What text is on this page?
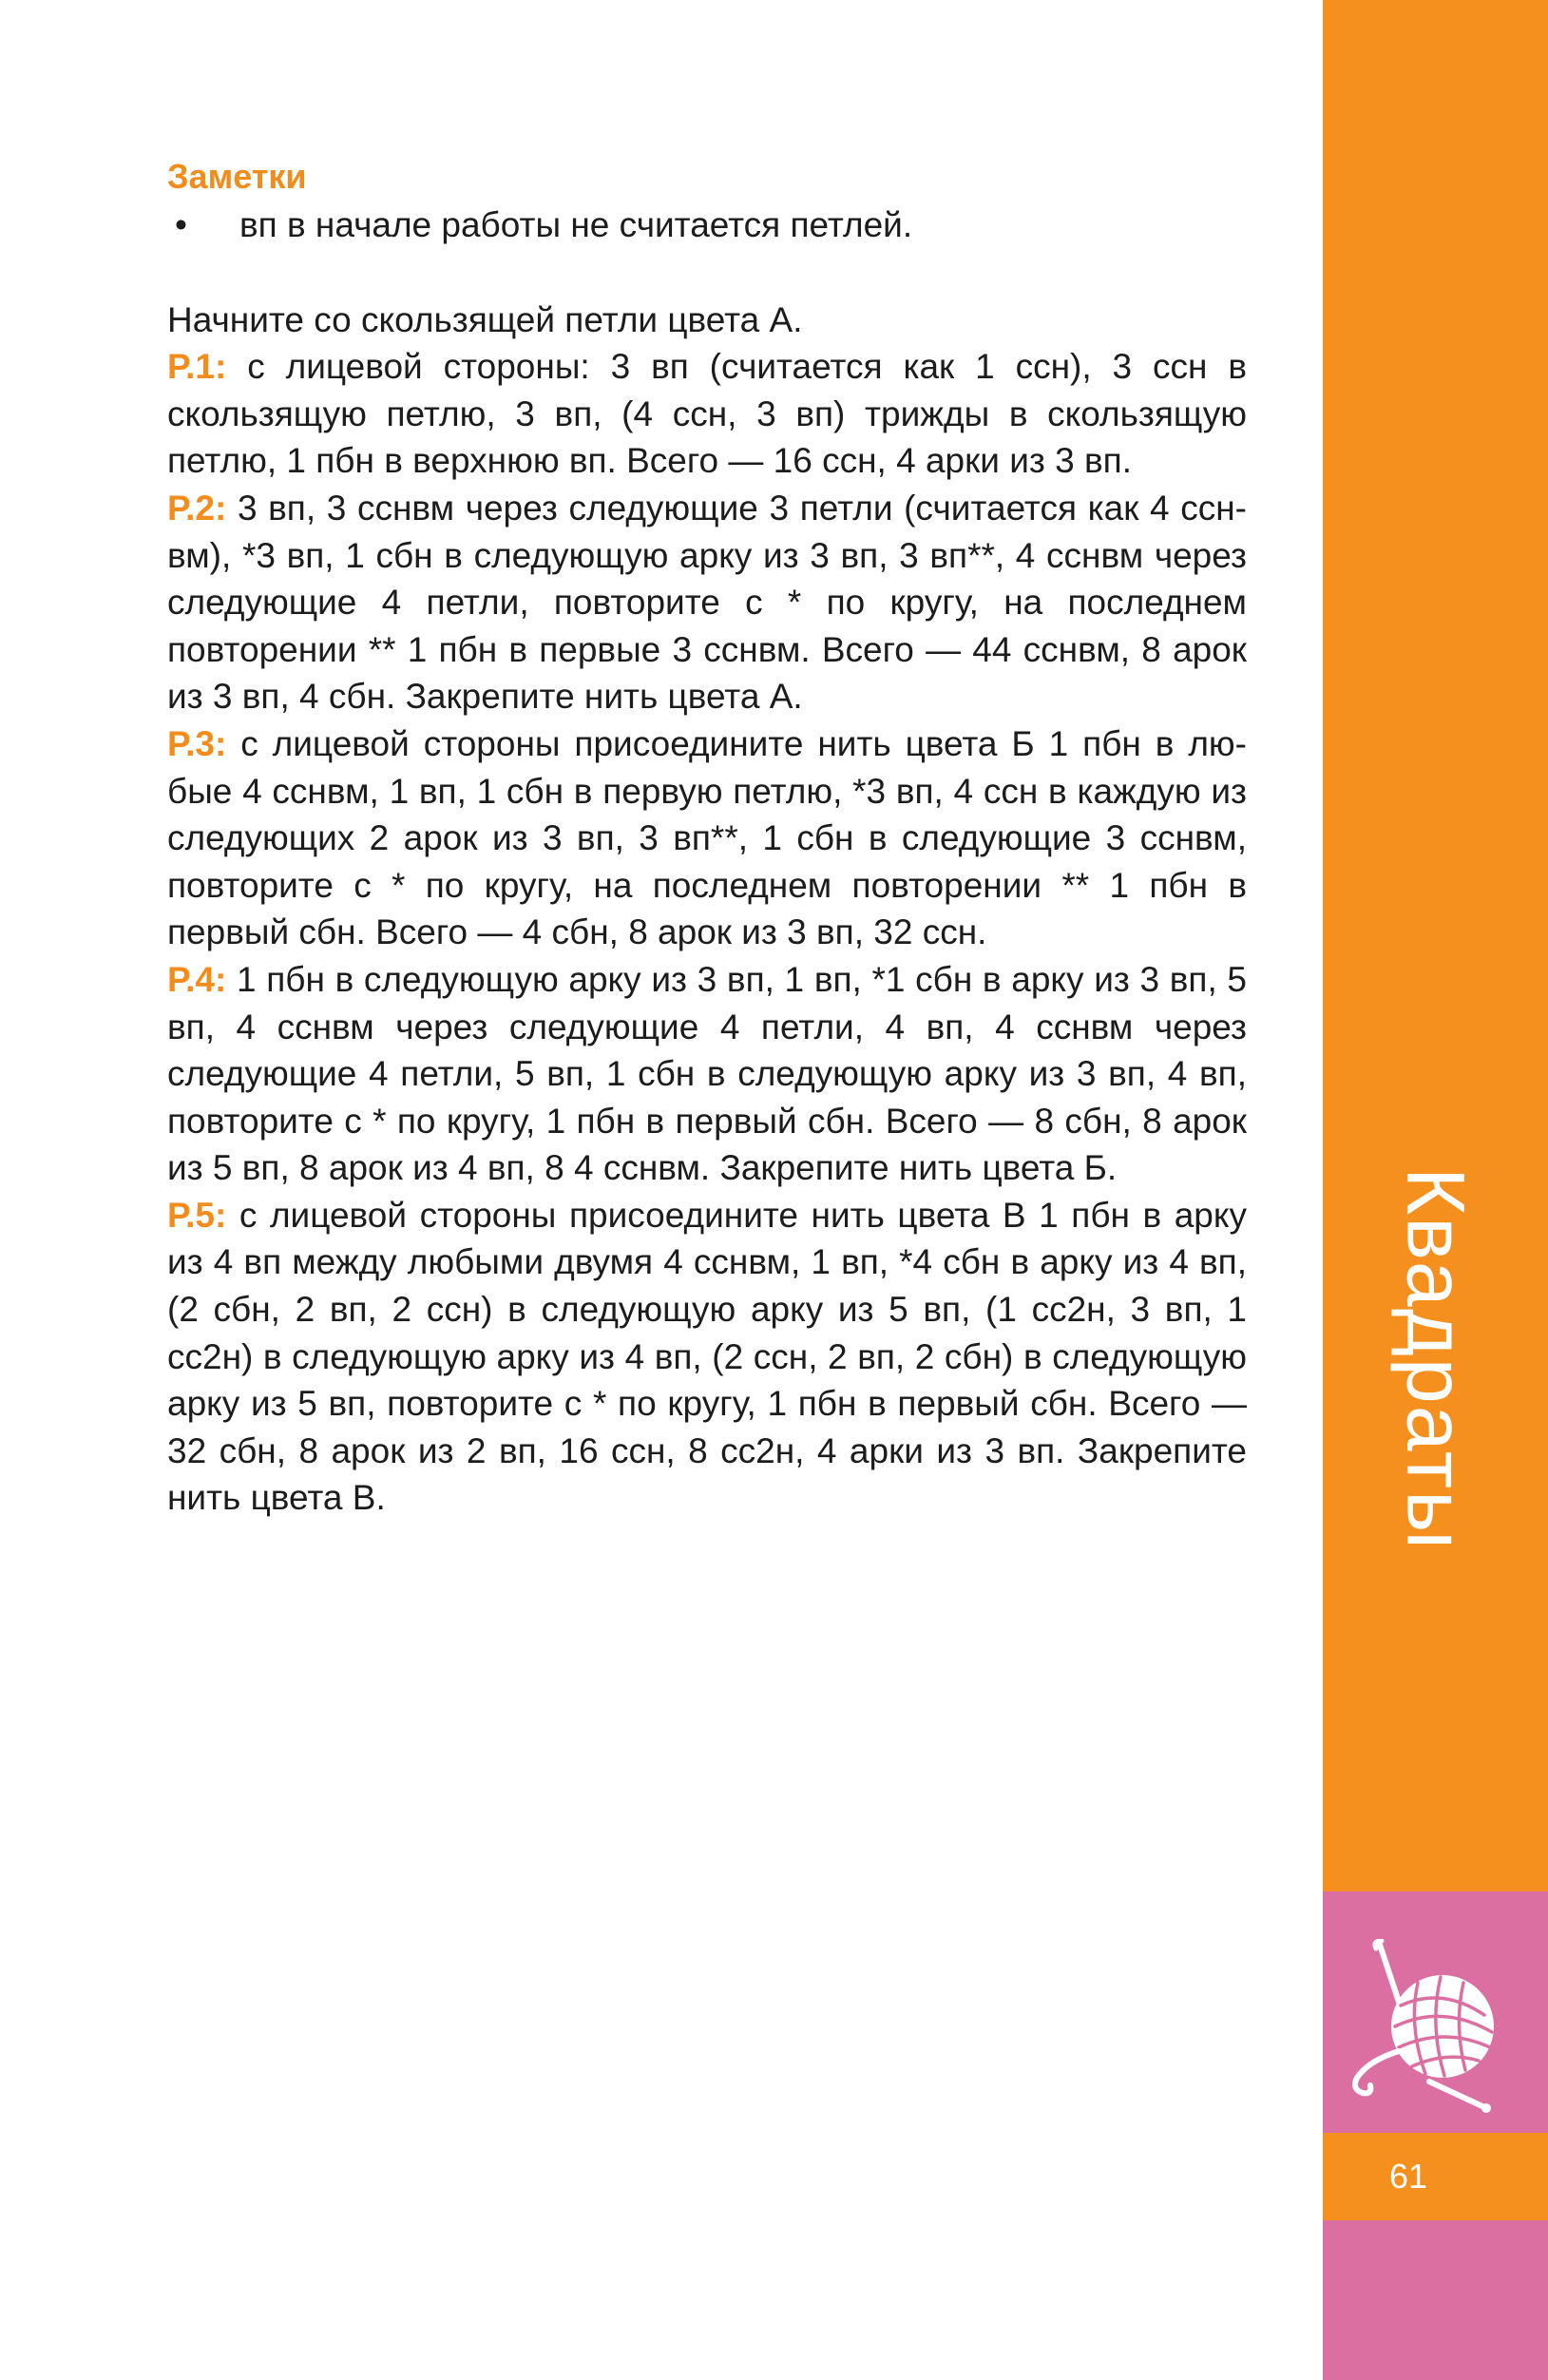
Заметки

•	вп в начале работы не считается петлей.

Начните со скользящей петли цвета А.

Р.1: с лицевой стороны: 3 вп (считается как 1 ссн), 3 ссн в скользящую петлю, 3 вп, (4 ссн, 3 вп) трижды в скользящую петлю, 1 пбн в верхнюю вп. Всего — 16 ссн, 4 арки из 3 вп.

Р.2: 3 вп, 3 сснвм через следующие 3 петли (считается как 4 сснвм), *3 вп, 1 сбн в следующую арку из 3 вп, 3 вп**, 4 сснвм через следующие 4 петли, повторите с * по кругу, на последнем повторении ** 1 пбн в первые 3 сснвм. Всего — 44 сснвм, 8 арок из 3 вп, 4 сбн. Закрепите нить цвета А.

Р.3: с лицевой стороны присоедините нить цвета Б 1 пбн в любые 4 сснвм, 1 вп, 1 сбн в первую петлю, *3 вп, 4 ссн в каждую из следующих 2 арок из 3 вп, 3 вп**, 1 сбн в следующие 3 сснвм, повторите с * по кругу, на последнем повторении ** 1 пбн в первый сбн. Всего — 4 сбн, 8 арок из 3 вп, 32 ссн.

Р.4: 1 пбн в следующую арку из 3 вп, 1 вп, *1 сбн в арку из 3 вп, 5 вп, 4 сснвм через следующие 4 петли, 4 вп, 4 сснвм через следующие 4 петли, 5 вп, 1 сбн в следующую арку из 3 вп, 4 вп, повторите с * по кругу, 1 пбн в первый сбн. Всего — 8 сбн, 8 арок из 5 вп, 8 арок из 4 вп, 8 4 сснвм. Закрепите нить цвета Б.

Р.5: с лицевой стороны присоедините нить цвета В 1 пбн в арку из 4 вп между любыми двумя 4 сснвм, 1 вп, *4 сбн в арку из 4 вп, (2 сбн, 2 вп, 2 ссн) в следующую арку из 5 вп, (1 сс2н, 3 вп, 1 сс2н) в следующую арку из 4 вп, (2 ссн, 2 вп, 2 сбн) в следующую арку из 5 вп, повторите с * по кругу, 1 пбн в первый сбн. Всего — 32 сбн, 8 арок из 2 вп, 16 ссн, 8 сс2н, 4 арки из 3 вп. Закрепите нить цвета В.	Квадраты
61
